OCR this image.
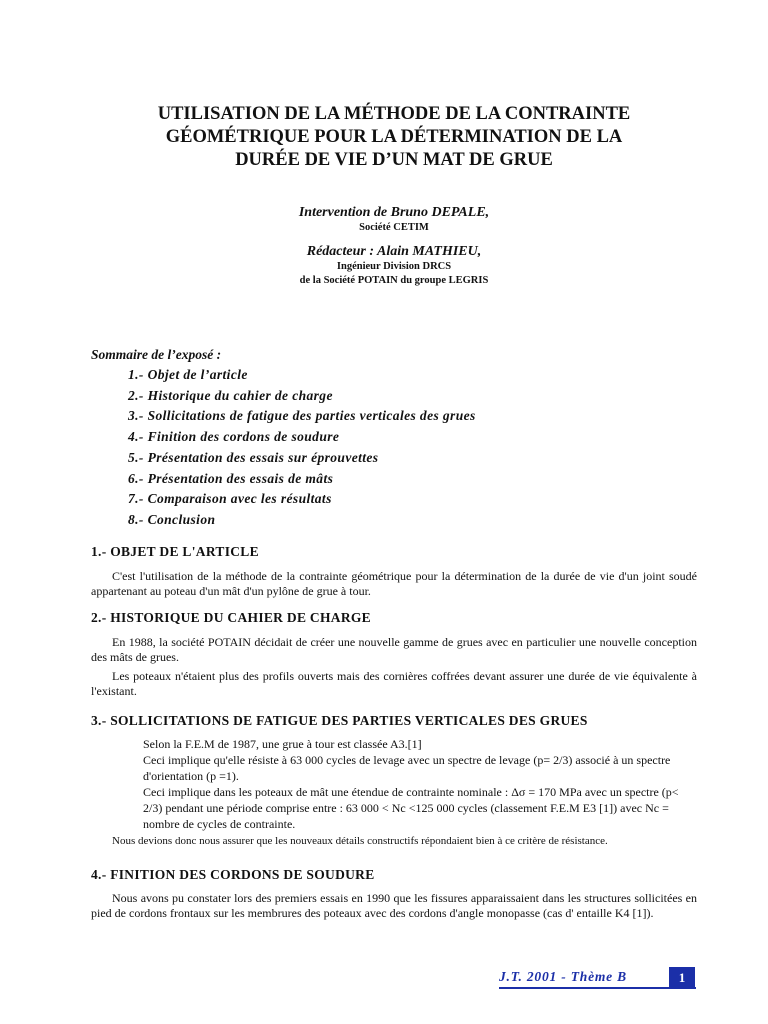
UTILISATION DE LA MÉTHODE DE LA CONTRAINTE
GÉOMÉTRIQUE POUR LA DÉTERMINATION DE LA
DURÉE DE VIE D’UN MAT DE GRUE
Intervention de Bruno DEPALE,
Société CETIM
Rédacteur : Alain MATHIEU,
Ingénieur Division DRCS
de la Société POTAIN du groupe LEGRIS
Sommaire de l’exposé :
1.- Objet de l’article
2.- Historique du cahier de charge
3.- Sollicitations de fatigue des parties verticales des grues
4.- Finition des cordons de soudure
5.- Présentation des essais sur éprouvettes
6.- Présentation des essais de mâts
7.- Comparaison avec les résultats
8.- Conclusion
1.- OBJET DE L'ARTICLE

C'est l'utilisation de la méthode de la contrainte géométrique pour la détermination de la durée de vie d'un joint soudé appartenant au poteau d'un mât d'un pylône de grue à tour.

2.- HISTORIQUE DU CAHIER DE CHARGE

En 1988, la société POTAIN décidait de créer une nouvelle gamme de grues avec en particulier une nouvelle conception des mâts de grues.

Les poteaux n'étaient plus des profils ouverts mais des cornières coffrées devant assurer une durée de vie équivalente à l'existant.

3.- SOLLICITATIONS DE FATIGUE DES PARTIES VERTICALES DES GRUES

Selon la F.E.M de 1987, une grue à tour est classée A3.[1]

Ceci implique qu'elle résiste à 63 000 cycles de levage avec un spectre de levage (p= 2/3) associé à un spectre d'orientation (p =1).

Ceci implique dans les poteaux de mât une étendue de contrainte nominale : Δσ = 170 MPa avec un spectre (p< 2/3) pendant une période comprise entre : 63 000 < Nc <125 000 cycles (classement F.E.M E3 [1]) avec Nc = nombre de cycles de contrainte.

Nous devions donc nous assurer que les nouveaux détails constructifs répondaient bien à ce critère de résistance.

4.- FINITION DES CORDONS DE SOUDURE

Nous avons pu constater lors des premiers essais en 1990 que les fissures apparaissaient dans les structures sollicitées en pied de cordons frontaux sur les membrures des poteaux avec des cordons d'angle monopasse (cas d' entaille K4 [1]).

J.T. 2001 - Thème B	1
